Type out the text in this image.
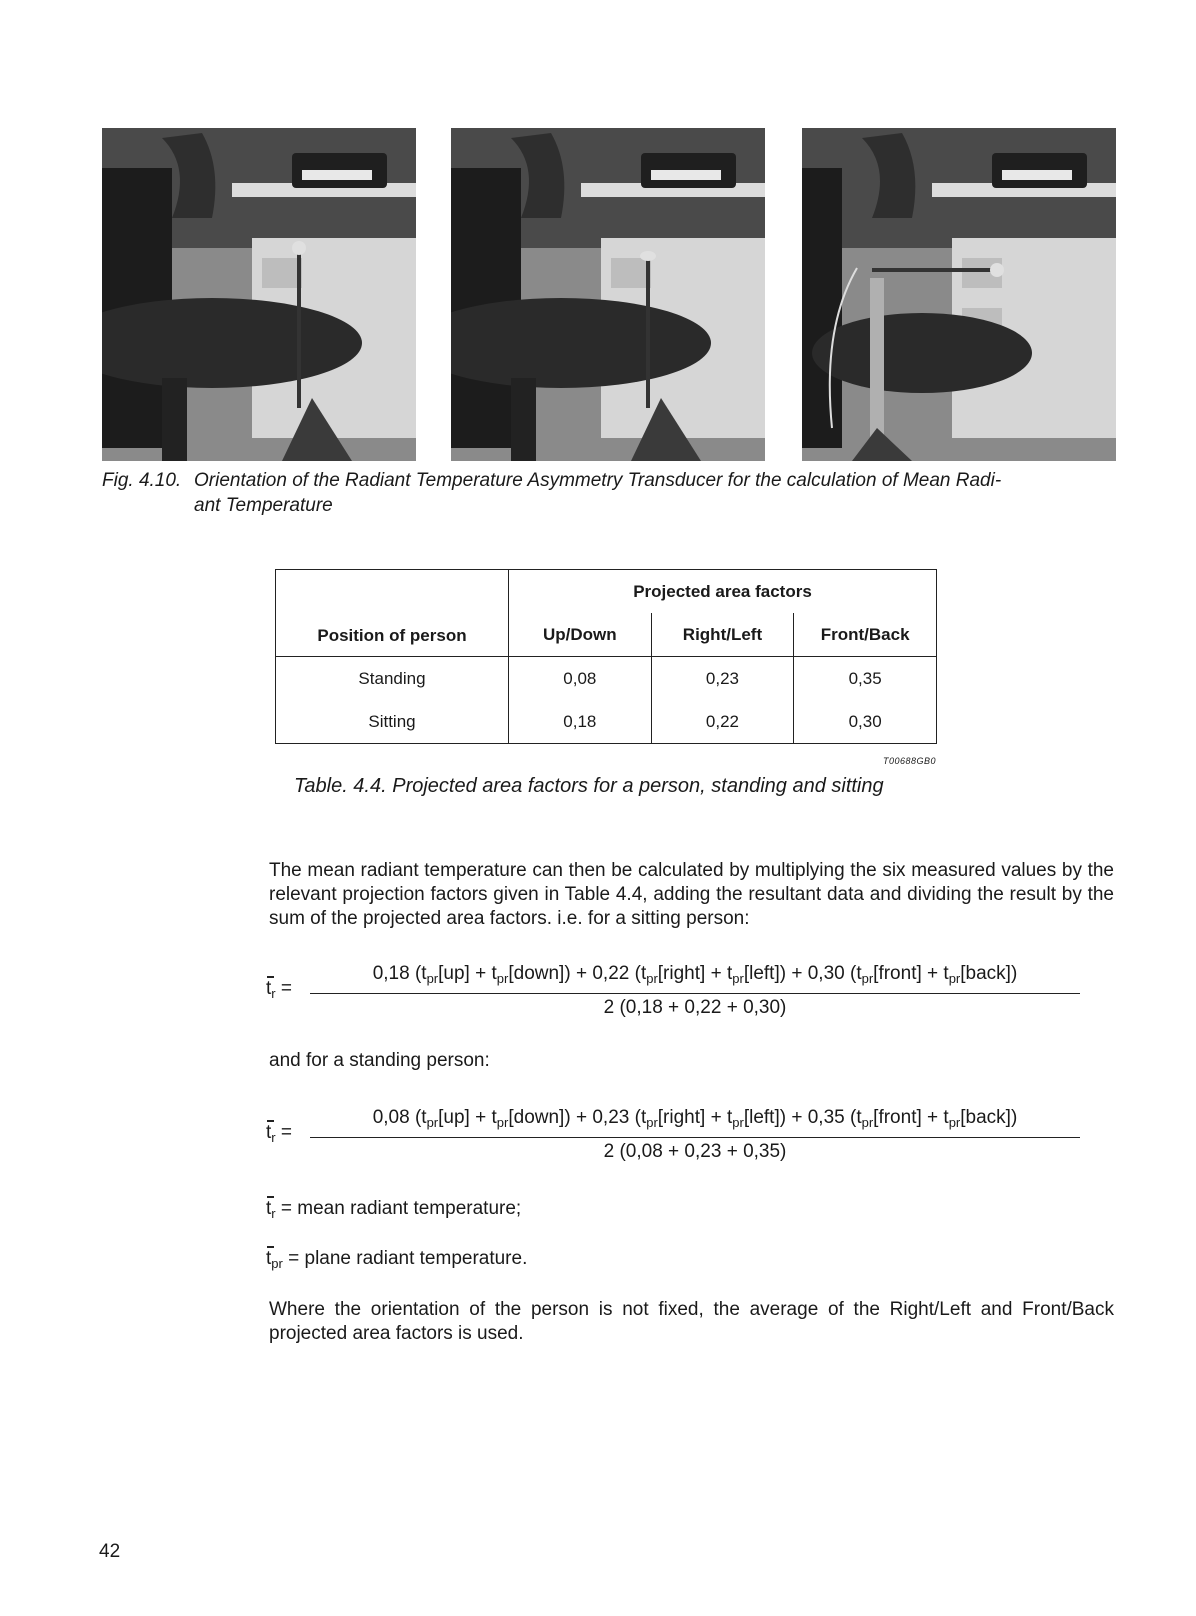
Fig. 4.10. Orientation of the Radiant Temperature Asymmetry Transducer for the calculation of Mean Radi-
ant Temperature
Position of person	Projected area factors		
	Up/Down	Right/Left	Front/Back
Standing	0,08	0,23	0,35
Sitting	0,18	0,22	0,30
T00688GB0
Table. 4.4. Projected area factors for a person, standing and sitting
The mean radiant temperature can then be calculated by multiplying the six measured values by the relevant projection factors given in Table 4.4, adding the resultant data and dividing the result by the sum of the projected area factors. i.e. for a sitting person:
$t_r$ =
0,18 ($t_{pr}[up]$ + $t_{pr}[down]) + 0,22$ ($t_{pr}[right]$ + $t_{pr}[left]) + 0,30$ ($t_{pr}[front]$ + $t_{pr}[back]$)
2 (0,18 + 0,22 + 0,30)
and for a standing person:
$t_r$ =
0,08 ($t_{pr}[up]$ + $t_{pr}[down]) + 0,23$ ($t_{pr}[right]$ + $t_{pr}[left]) + 0,35$ ($t_{pr}[front]$ + $t_{pr}[back]$)
2 (0,08 + 0,23 + 0,35)
$t_r$ = mean radiant temperature;
$t_{pr}$ = plane radiant temperature.
Where the orientation of the person is not fixed, the average of the Right/Left and Front/Back projected area factors is used.
42
